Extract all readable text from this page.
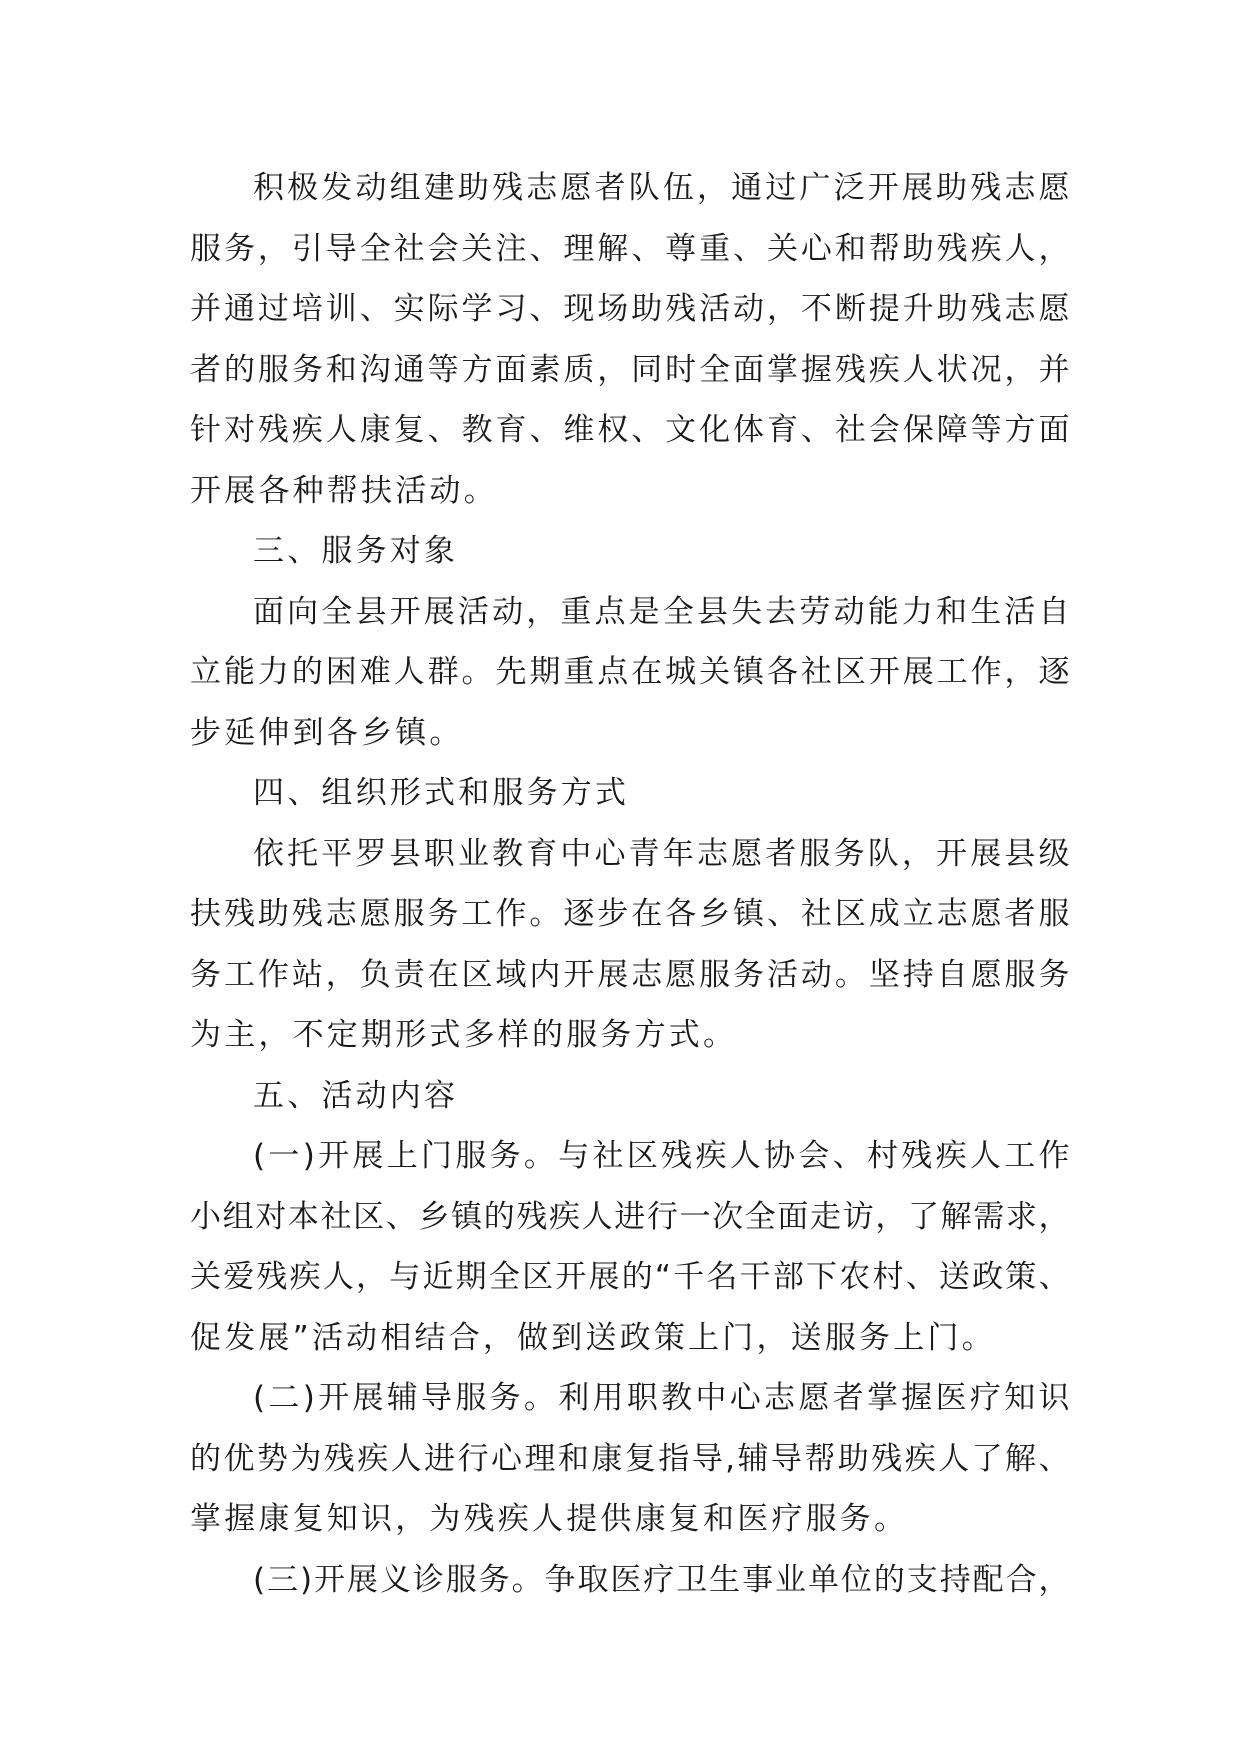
积极发动组建助残志愿者队伍，通过广泛开展助残志愿
服务，引导全社会关注、理解、尊重、关心和帮助残疾人，
并通过培训、实际学习、现场助残活动，不断提升助残志愿
者的服务和沟通等方面素质，同时全面掌握残疾人状况，并
针对残疾人康复、教育、维权、文化体育、社会保障等方面
开展各种帮扶活动。
三、服务对象
面向全县开展活动，重点是全县失去劳动能力和生活自
立能力的困难人群。先期重点在城关镇各社区开展工作，逐
步延伸到各乡镇。
四、组织形式和服务方式
依托平罗县职业教育中心青年志愿者服务队，开展县级
扶残助残志愿服务工作。逐步在各乡镇、社区成立志愿者服
务工作站，负责在区域内开展志愿服务活动。坚持自愿服务
为主，不定期形式多样的服务方式。
五、活动内容
(一)开展上门服务。与社区残疾人协会、村残疾人工作
小组对本社区、乡镇的残疾人进行一次全面走访，了解需求，
关爱残疾人，与近期全区开展的“千名干部下农村、送政策、
促发展”活动相结合，做到送政策上门，送服务上门。
(二)开展辅导服务。利用职教中心志愿者掌握医疗知识
的优势为残疾人进行心理和康复指导,辅导帮助残疾人了解、
掌握康复知识，为残疾人提供康复和医疗服务。
(三)开展义诊服务。争取医疗卫生事业单位的支持配合，
